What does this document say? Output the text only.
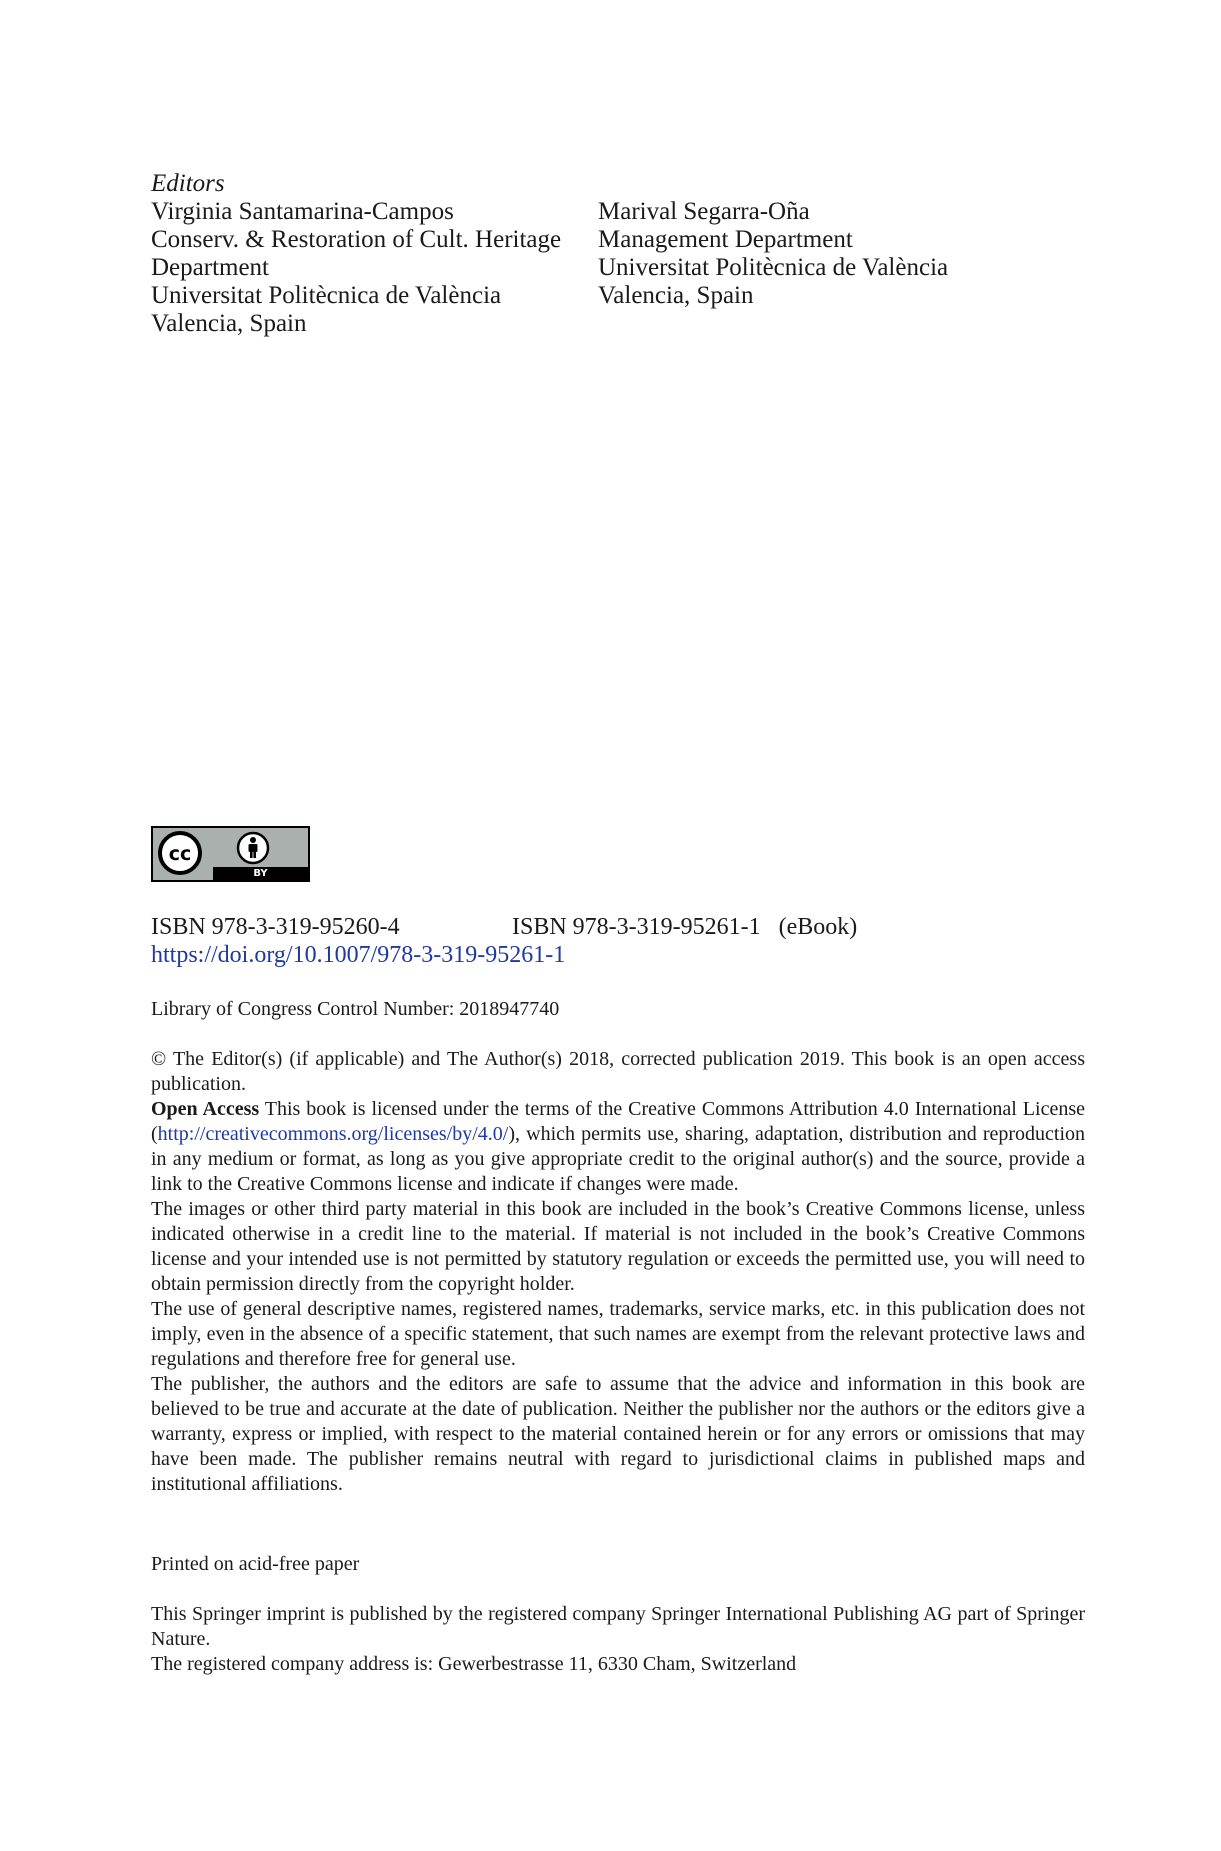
Editors
Virginia Santamarina-Campos
Conserv. & Restoration of Cult. Heritage
Department
Universitat Politècnica de València
Valencia, Spain
Marival Segarra-Oña
Management Department
Universitat Politècnica de València
Valencia, Spain
BY
cc
ISBN 978-3-319-95260-4	ISBN 978-3-319-95261-1 (eBook)
https://doi.org/10.1007/978-3-319-95261-1
Library of Congress Control Number: 2018947740

© The Editor(s) (if applicable) and The Author(s) 2018, corrected publication 2019. This book is an open access publication.

Open Access This book is licensed under the terms of the Creative Commons Attribution 4.0 International License (http://creativecommons.org/licenses/by/4.0/), which permits use, sharing, adaptation, distribution and reproduction in any medium or format, as long as you give appropriate credit to the original author(s) and the source, provide a link to the Creative Commons license and indicate if changes were made.

The images or other third party material in this book are included in the book’s Creative Commons license, unless indicated otherwise in a credit line to the material. If material is not included in the book’s Creative Commons license and your intended use is not permitted by statutory regulation or exceeds the permitted use, you will need to obtain permission directly from the copyright holder.

The use of general descriptive names, registered names, trademarks, service marks, etc. in this publication does not imply, even in the absence of a specific statement, that such names are exempt from the relevant protective laws and regulations and therefore free for general use.

The publisher, the authors and the editors are safe to assume that the advice and information in this book are believed to be true and accurate at the date of publication. Neither the publisher nor the authors or the editors give a warranty, express or implied, with respect to the material contained herein or for any errors or omissions that may have been made. The publisher remains neutral with regard to jurisdictional claims in published maps and institutional affiliations.

Printed on acid-free paper

This Springer imprint is published by the registered company Springer International Publishing AG part of Springer Nature.

The registered company address is: Gewerbestrasse 11, 6330 Cham, Switzerland
